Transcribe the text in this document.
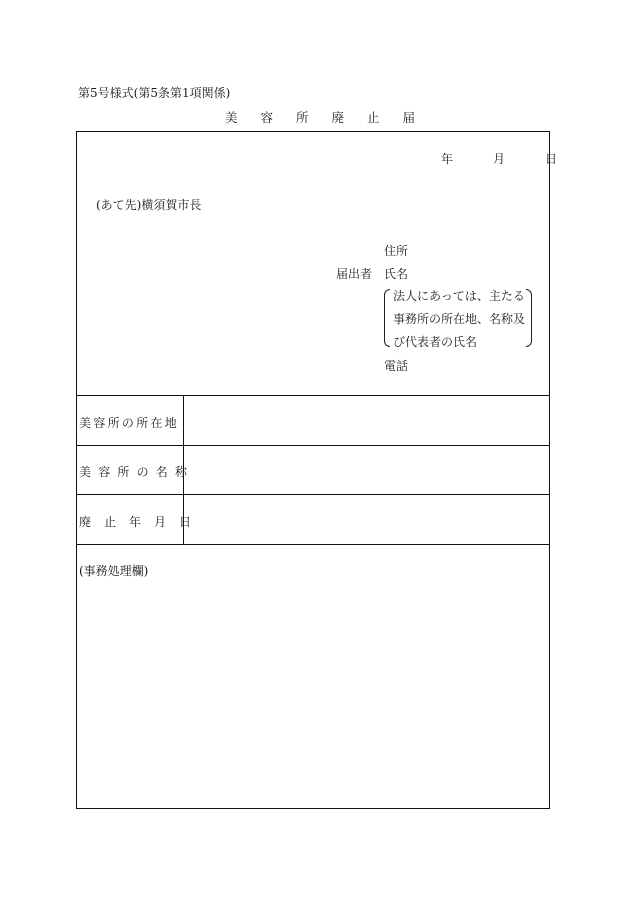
第5号様式(第5条第1項関係)
美容所廃止届
年	月	日
(あて先)横須賀市長
住所
届出者 氏名
法人にあっては、主たる
事務所の所在地、名称及
び代表者の氏名
電話
美容所の所在地
美容所の名称
廃止年月日
(事務処理欄)
